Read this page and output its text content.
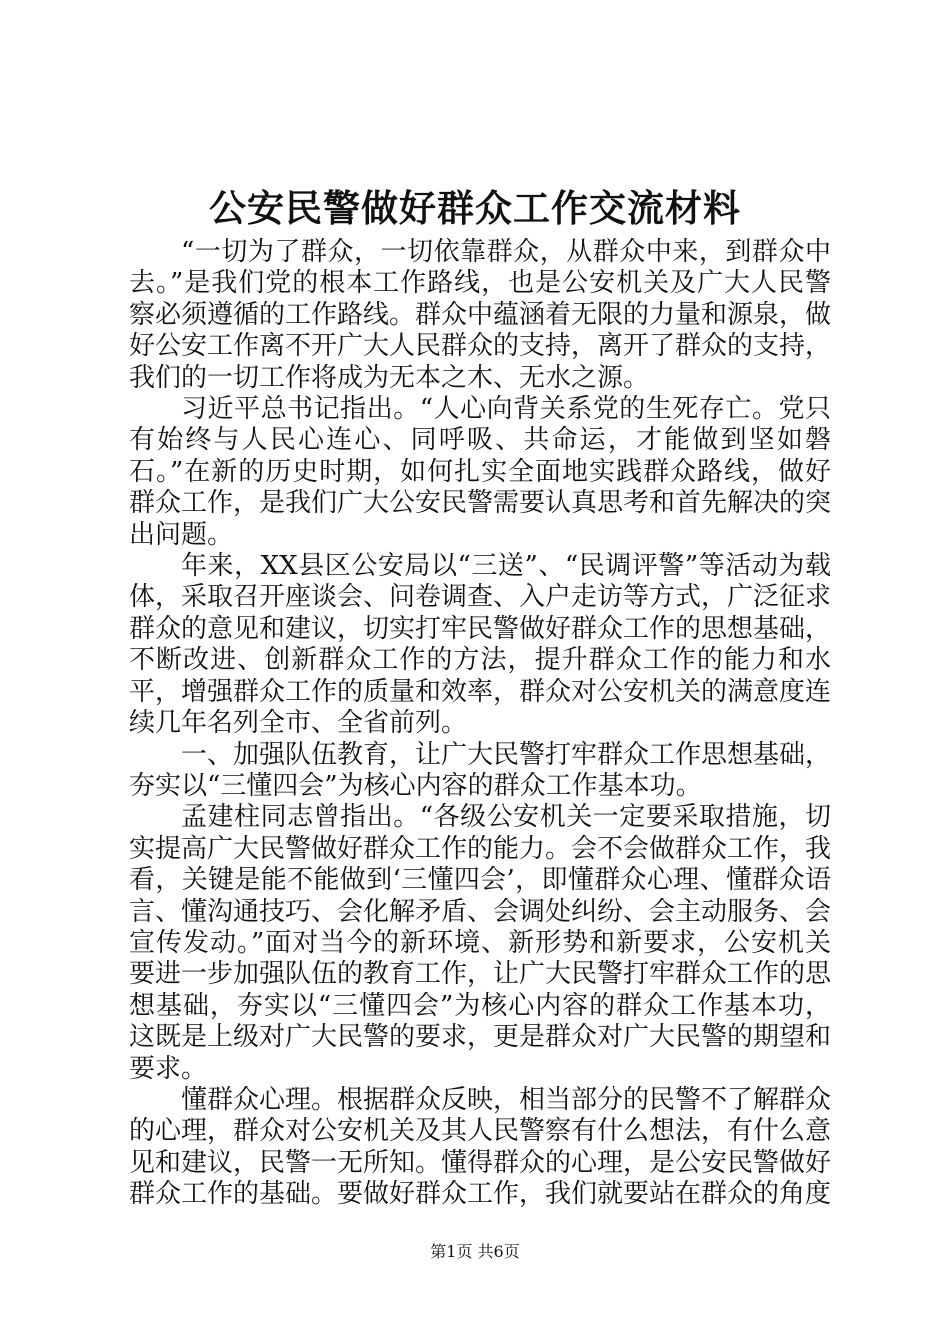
公安民警做好群众工作交流材料

“一切为了群众，一切依靠群众，从群众中来，到群众中去。”是我们党的根本工作路线，也是公安机关及广大人民警察必须遵循的工作路线。群众中蕴涵着无限的力量和源泉，做好公安工作离不开广大人民群众的支持，离开了群众的支持，我们的一切工作将成为无本之木、无水之源。

习近平总书记指出。“人心向背关系党的生死存亡。党只有始终与人民心连心、同呼吸、共命运，才能做到坚如磐石。”在新的历史时期，如何扎实全面地实践群众路线，做好群众工作，是我们广大公安民警需要认真思考和首先解决的突出问题。

年来，XX县区公安局以“三送”、“民调评警”等活动为载体，采取召开座谈会、问卷调查、入户走访等方式，广泛征求群众的意见和建议，切实打牢民警做好群众工作的思想基础，不断改进、创新群众工作的方法，提升群众工作的能力和水平，增强群众工作的质量和效率，群众对公安机关的满意度连续几年名列全市、全省前列。

一、加强队伍教育，让广大民警打牢群众工作思想基础，夯实以“三懂四会”为核心内容的群众工作基本功。

孟建柱同志曾指出。“各级公安机关一定要采取措施，切实提高广大民警做好群众工作的能力。会不会做群众工作，我看，关键是能不能做到‘三懂四会’，即懂群众心理、懂群众语言、懂沟通技巧、会化解矛盾、会调处纠纷、会主动服务、会宣传发动。”面对当今的新环境、新形势和新要求，公安机关要进一步加强队伍的教育工作，让广大民警打牢群众工作的思想基础，夯实以“三懂四会”为核心内容的群众工作基本功，这既是上级对广大民警的要求，更是群众对广大民警的期望和要求。

懂群众心理。根据群众反映，相当部分的民警不了解群众的心理，群众对公安机关及其人民警察有什么想法，有什么意见和建议，民警一无所知。懂得群众的心理，是公安民警做好群众工作的基础。要做好群众工作，我们就要站在群众的角度

第1页 共6页
